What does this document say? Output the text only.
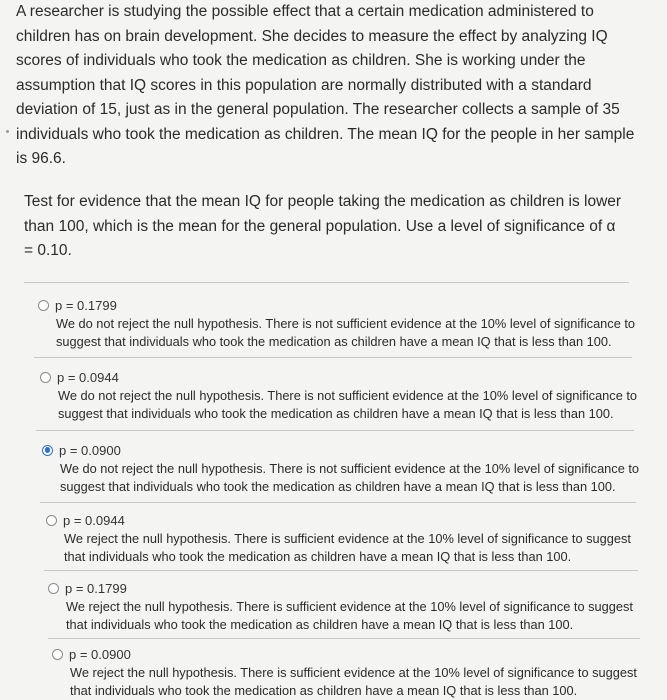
A researcher is studying the possible effect that a certain medication administered to children has on brain development. She decides to measure the effect by analyzing IQ scores of individuals who took the medication as children. She is working under the assumption that IQ scores in this population are normally distributed with a standard deviation of 15, just as in the general population. The researcher collects a sample of 35 individuals who took the medication as children. The mean IQ for the people in her sample is 96.6.

Test for evidence that the mean IQ for people taking the medication as children is lower than 100, which is the mean for the general population. Use a level of significance of α = 0.10.

p = 0.1799
We do not reject the null hypothesis. There is not sufficient evidence at the 10% level of significance to suggest that individuals who took the medication as children have a mean IQ that is less than 100.
p = 0.0944
We do not reject the null hypothesis. There is not sufficient evidence at the 10% level of significance to suggest that individuals who took the medication as children have a mean IQ that is less than 100.
p = 0.0900
We do not reject the null hypothesis. There is not sufficient evidence at the 10% level of significance to suggest that individuals who took the medication as children have a mean IQ that is less than 100.
p = 0.0944
We reject the null hypothesis. There is sufficient evidence at the 10% level of significance to suggest that individuals who took the medication as children have a mean IQ that is less than 100.
p = 0.1799
We reject the null hypothesis. There is sufficient evidence at the 10% level of significance to suggest that individuals who took the medication as children have a mean IQ that is less than 100.
p = 0.0900
We reject the null hypothesis. There is sufficient evidence at the 10% level of significance to suggest that individuals who took the medication as children have a mean IQ that is less than 100.
